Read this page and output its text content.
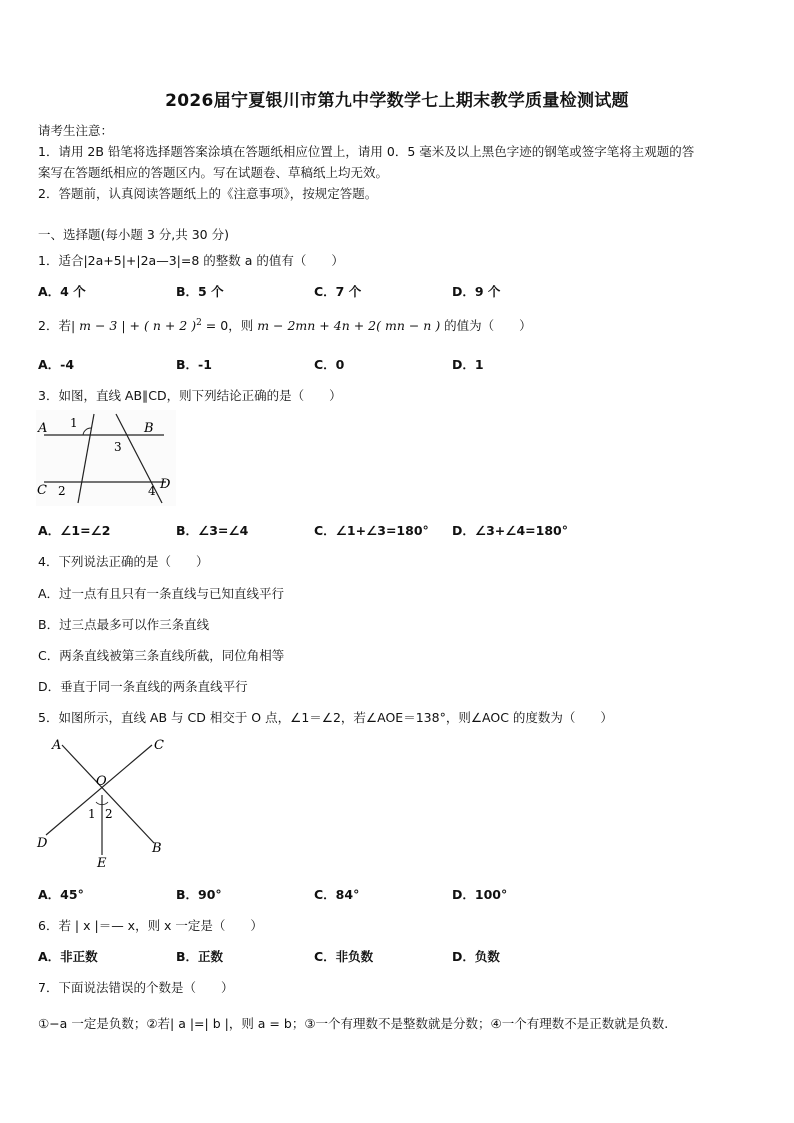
2026届宁夏银川市第九中学数学七上期末教学质量检测试题
请考生注意：
1．请用 2B 铅笔将选择题答案涂填在答题纸相应位置上，请用 0．5 毫米及以上黑色字迹的钢笔或签字笔将主观题的答
案写在答题纸相应的答题区内。写在试题卷、草稿纸上均无效。
2．答题前，认真阅读答题纸上的《注意事项》，按规定答题。
一、选择题(每小题 3 分,共 30 分)
1．适合|2a+5|+|2a—3|=8 的整数 a 的值有（　　）
A．4 个	B．5 个	C．7 个	D．9 个
2．若| m − 3 | + ( n + 2 )$^2$ = 0，则 m − 2mn + 4n + 2( mn − n ) 的值为（　　）
A．-4	B．-1	C．0	D．1
3．如图，直线 AB∥CD，则下列结论正确的是（　　）
A	B
C	D
1
2
3
4
A．∠1=∠2	B．∠3=∠4	C．∠1+∠3=180° D．∠3+∠4=180°
4．下列说法正确的是（　　）
A．过一点有且只有一条直线与已知直线平行
B．过三点最多可以作三条直线
C．两条直线被第三条直线所截，同位角相等
D．垂直于同一条直线的两条直线平行
5．如图所示，直线 AB 与 CD 相交于 O 点，∠1＝∠2，若∠AOE＝138°，则∠AOC 的度数为（　　）
A	C
O
1 2
D	B
E
A．45°	B．90°	C．84°	D．100°
6．若 | x |＝— x，则 x 一定是（　　）
A．非正数	B．正数	C．非负数	D．负数
7．下面说法错误的个数是（　　）
①−a 一定是负数；②若| a |=| b |，则 a = b；③一个有理数不是整数就是分数；④一个有理数不是正数就是负数.
